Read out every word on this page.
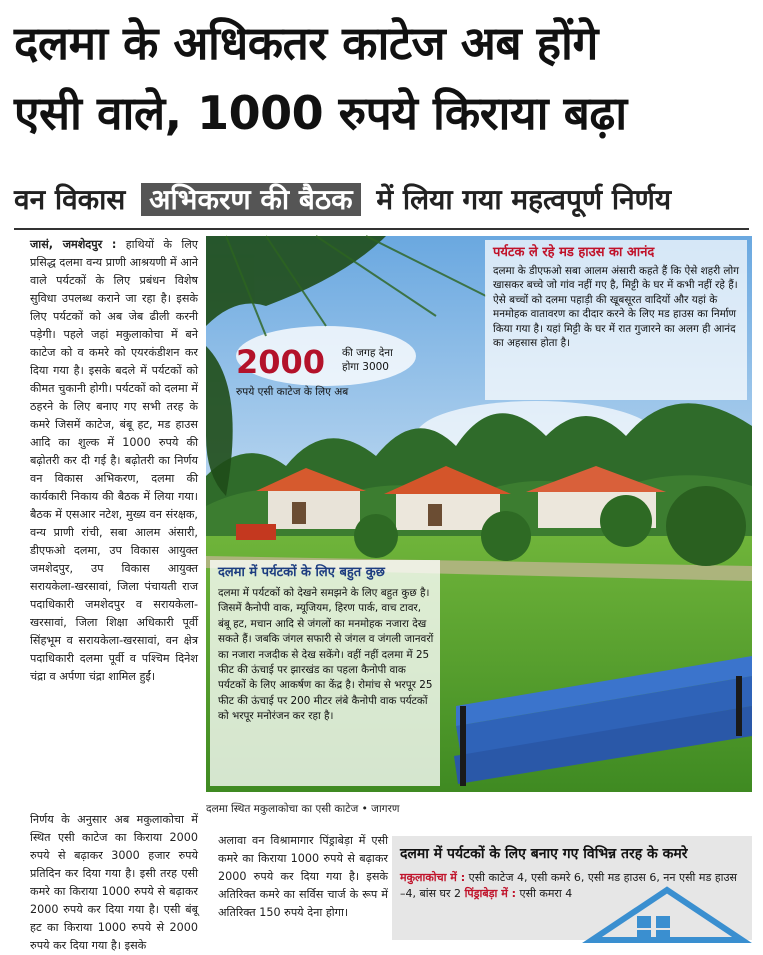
दलमा के अधिकतर काटेज अब होंगे
एसी वाले, 1000 रुपये किराया बढ़ा
वन विकास अभिकरण की बैठक में लिया गया महत्वपूर्ण निर्णय

जासं, जमशेदपुर : हाथियों के लिए प्रसिद्ध दलमा वन्य प्राणी आश्रयणी में आने वाले पर्यटकों के लिए प्रबंधन विशेष सुविधा उपलब्ध कराने जा रहा है। इसके लिए पर्यटकों को अब जेब ढीली करनी पड़ेगी। पहले जहां मकुलाकोचा में बने काटेज को व कमरे को एयरकंडीशन कर दिया गया है। इसके बदले में पर्यटकों को कीमत चुकानी होगी। पर्यटकों को दलमा में ठहरने के लिए बनाए गए सभी तरह के कमरे जिसमें काटेज, बंबू हट, मड हाउस आदि का शुल्क में 1000 रुपये की बढ़ोतरी कर दी गई है। बढ़ोतरी का निर्णय वन विकास अभिकरण, दलमा की कार्यकारी निकाय की बैठक में लिया गया। बैठक में एसआर नटेश, मुख्य वन संरक्षक, वन्य प्राणी रांची, सबा आलम अंसारी, डीएफओ दलमा, उप विकास आयुक्त जमशेदपुर, उप विकास आयुक्त सरायकेला-खरसावां, जिला पंचायती राज पदाधिकारी जमशेदपुर व सरायकेला-खरसावां, जिला शिक्षा अधिकारी पूर्वी सिंहभूम व सरायकेला-खरसावां, वन क्षेत्र पदाधिकारी दलमा पूर्वी व पश्चिम दिनेश चंद्रा व अर्पणा चंद्रा शामिल हुईं।

निर्णय के अनुसार अब मकुलाकोचा में स्थित एसी काटेज का किराया 2000 रुपये से बढ़ाकर 3000 हजार रुपये प्रतिदिन कर दिया गया है। इसी तरह एसी कमरे का किराया 1000 रुपये से बढ़ाकर 2000 रुपये कर दिया गया है। एसी बंबू हट का किराया 1000 रुपये से 2000 रुपये कर दिया गया है। इसके

अलावा वन विश्रामागार पिंड्राबेड़ा में एसी कमरे का किराया 1000 रुपये से बढ़ाकर 2000 रुपये कर दिया गया है। इसके अतिरिक्त कमरे का सर्विस चार्ज के रूप में अतिरिक्त 150 रुपये देना होगा।

2000 की जगह देना होगा 3000
रुपये एसी काटेज के लिए अब
पर्यटक ले रहे मड हाउस का आनंद
दलमा के डीएफओ सबा आलम अंसारी कहते हैं कि ऐसे शहरी लोग खासकर बच्चे जो गांव नहीं गए है, मिट्टी के घर में कभी नहीं रहे हैं। ऐसे बच्चों को दलमा पहाड़ी की खूबसूरत वादियों और यहां के मनमोहक वातावरण का दीदार करने के लिए मड हाउस का निर्माण किया गया है। यहां मिट्टी के घर में रात गुजारने का अलग ही आनंद का अहसास होता है।
दलमा में पर्यटकों के लिए बहुत कुछ
दलमा में पर्यटकों को देखने समझने के लिए बहुत कुछ है। जिसमें कैनोपी वाक, म्यूजियम, हिरण पार्क, वाच टावर, बंबू हट, मचान आदि से जंगलों का मनमोहक नजारा देख सकते हैं। जबकि जंगल सफारी से जंगल व जंगली जानवरों का नजारा नजदीक से देख सकेंगे। वहीं नहीं दलमा में 25 फीट की ऊंचाई पर झारखंड का पहला कैनोपी वाक पर्यटकों के लिए आकर्षण का केंद्र है। रोमांच से भरपूर 25 फीट की ऊंचाई पर 200 मीटर लंबे कैनोपी वाक पर्यटकों को भरपूर मनोरंजन कर रहा है।
दलमा स्थित मकुलाकोचा का एसी काटेज • जागरण
दलमा में पर्यटकों के लिए बनाए गए विभिन्न तरह के कमरे
मकुलाकोचा में : एसी काटेज 4, एसी कमरे 6, एसी मड हाउस 6, नन एसी मड हाउस –4, बांस घर 2 पिंड्राबेड़ा में : एसी कमरा 4
